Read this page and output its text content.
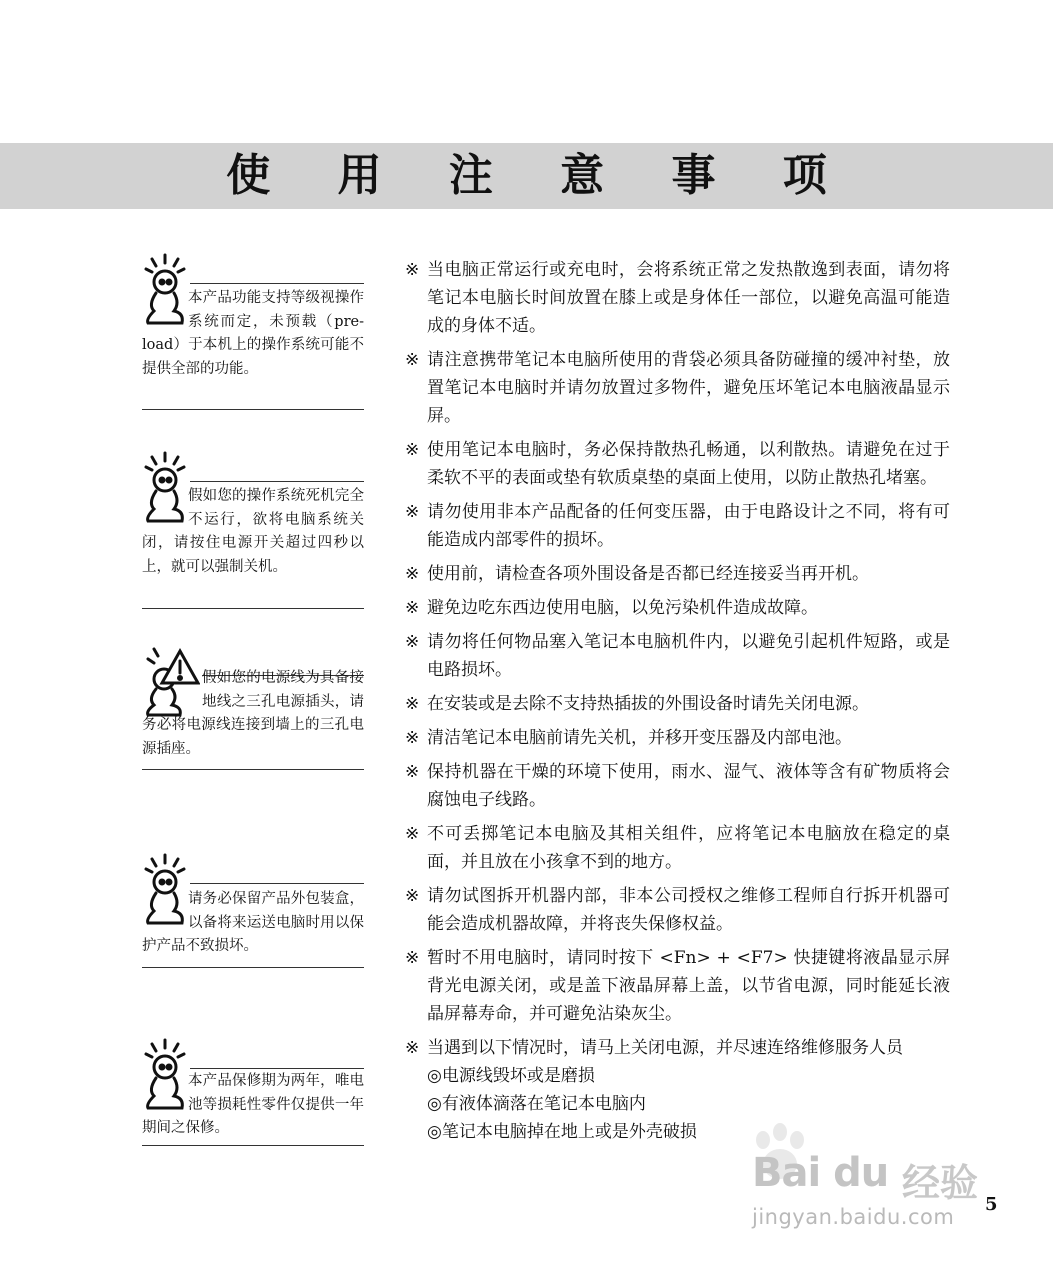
使 用 注 意 事 项

本产品功能支持等级视操作系统而定，未预载（pre-load）于本机上的操作系统可能不提供全部的功能。

假如您的操作系统死机完全不运行，欲将电脑系统关闭，请按住电源开关超过四秒以上，就可以强制关机。

假如您的电源线为具备接地线之三孔电源插头，请务必将电源线连接到墙上的三孔电源插座。

请务必保留产品外包装盒，以备将来运送电脑时用以保护产品不致损坏。

本产品保修期为两年，唯电池等损耗性零件仅提供一年期间之保修。

※ 当电脑正常运行或充电时，会将系统正常之发热散逸到表面，请勿将笔记本电脑长时间放置在膝上或是身体任一部位，以避免高温可能造成的身体不适。
※ 请注意携带笔记本电脑所使用的背袋必须具备防碰撞的缓冲衬垫，放置笔记本电脑时并请勿放置过多物件，避免压坏笔记本电脑液晶显示屏。
※ 使用笔记本电脑时，务必保持散热孔畅通，以利散热。请避免在过于柔软不平的表面或垫有软质桌垫的桌面上使用，以防止散热孔堵塞。
※ 请勿使用非本产品配备的任何变压器，由于电路设计之不同，将有可能造成内部零件的损坏。
※ 使用前，请检查各项外围设备是否都已经连接妥当再开机。
※ 避免边吃东西边使用电脑，以免污染机件造成故障。
※ 请勿将任何物品塞入笔记本电脑机件内，以避免引起机件短路，或是电路损坏。
※ 在安装或是去除不支持热插拔的外围设备时请先关闭电源。
※ 清洁笔记本电脑前请先关机，并移开变压器及内部电池。
※ 保持机器在干燥的环境下使用，雨水、湿气、液体等含有矿物质将会腐蚀电子线路。
※ 不可丢掷笔记本电脑及其相关组件，应将笔记本电脑放在稳定的桌面，并且放在小孩拿不到的地方。
※ 请勿试图拆开机器内部，非本公司授权之维修工程师自行拆开机器可能会造成机器故障，并将丧失保修权益。
※ 暂时不用电脑时，请同时按下 <Fn> + <F7> 快捷键将液晶显示屏背光电源关闭，或是盖下液晶屏幕上盖，以节省电源，同时能延长液晶屏幕寿命，并可避免沾染灰尘。
※ 当遇到以下情况时，请马上关闭电源，并尽速连络维修服务人员
◎电源线毁坏或是磨损
◎有液体滴落在笔记本电脑内
◎笔记本电脑掉在地上或是外壳破损
Bai du 经验
jingyan.baidu.com
5
